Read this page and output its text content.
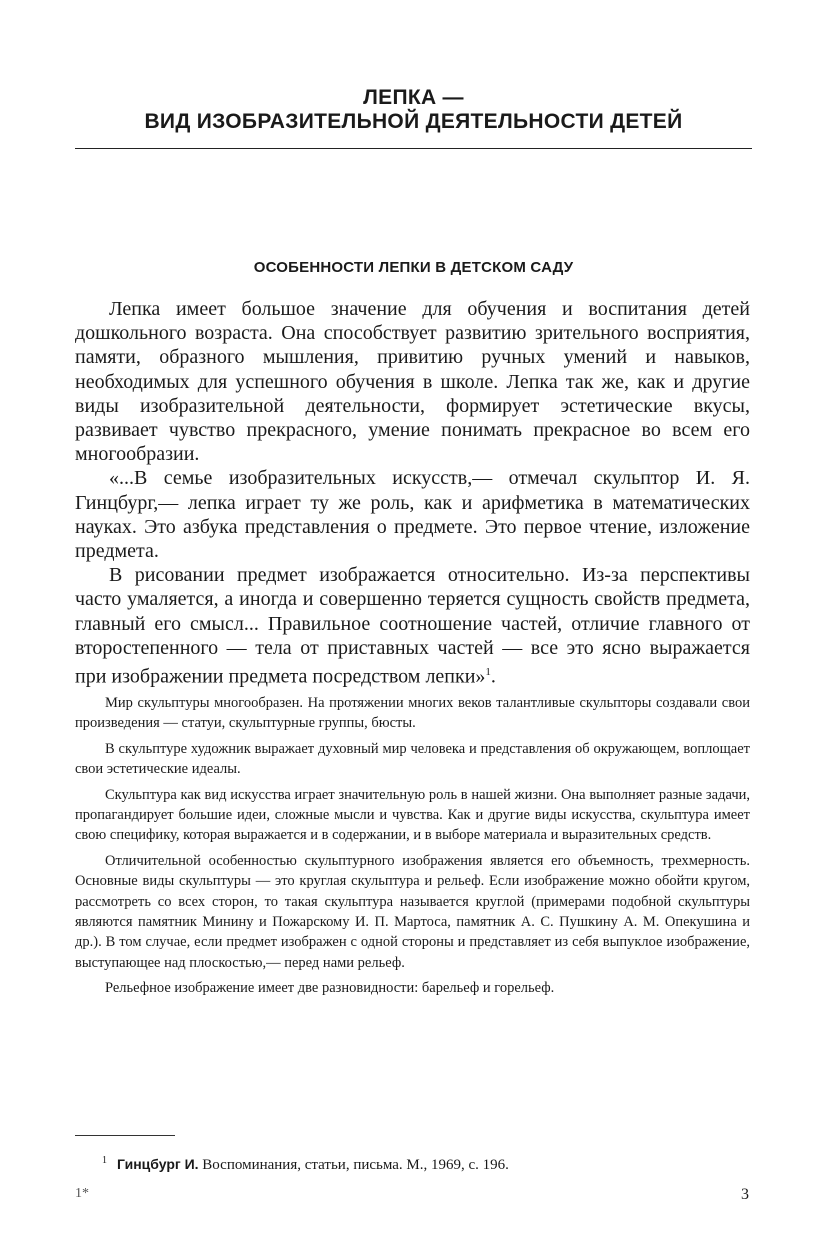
ЛЕПКА —
ВИД ИЗОБРАЗИТЕЛЬНОЙ ДЕЯТЕЛЬНОСТИ ДЕТЕЙ
ОСОБЕННОСТИ ЛЕПКИ В ДЕТСКОМ САДУ

Лепка имеет большое значение для обучения и воспитания детей дошкольного возраста. Она способствует развитию зрительного восприятия, памяти, образного мышления, привитию ручных умений и навыков, необходимых для успешного обучения в школе. Лепка так же, как и другие виды изобразительной деятельности, формирует эстетические вкусы, развивает чувство прекрасного, умение понимать прекрасное во всем его многообразии.

«...В семье изобразительных искусств,— отмечал скульптор И. Я. Гинцбург,— лепка играет ту же роль, как и арифметика в математических науках. Это азбука представления о предмете. Это первое чтение, изложение предмета.

В рисовании предмет изображается относительно. Из-за перспективы часто умаляется, а иногда и совершенно теряется сущность свойств предмета, главный его смысл... Правильное соотношение частей, отличие главного от второстепенного — тела от приставных частей — все это ясно выражается при изображении предмета посредством лепки»$^1$.

Мир скульптуры многообразен. На протяжении многих веков талантливые скульпторы создавали свои произведения — статуи, скульптурные группы, бюсты.

В скульптуре художник выражает духовный мир человека и представления об окружающем, воплощает свои эстетические идеалы.

Скульптура как вид искусства играет значительную роль в нашей жизни. Она выполняет разные задачи, пропагандирует большие идеи, сложные мысли и чувства. Как и другие виды искусства, скульптура имеет свою специфику, которая выражается и в содержании, и в выборе материала и выразительных средств.

Отличительной особенностью скульптурного изображения является его объемность, трехмерность. Основные виды скульптуры — это круглая скульптура и рельеф. Если изображение можно обойти кругом, рассмотреть со всех сторон, то такая скульптура называется круглой (примерами подобной скульптуры являются памятник Минину и Пожарскому И. П. Мартоса, памятник А. С. Пушкину А. М. Опекушина и др.). В том случае, если предмет изображен с одной стороны и представляет из себя выпуклое изображение, выступающее над плоскостью,— перед нами рельеф.

Рельефное изображение имеет две разновидности: барельеф и горельеф.

$^1$ Гинцбург И. Воспоминания, статьи, письма. М., 1969, с. 196.
1*	3
